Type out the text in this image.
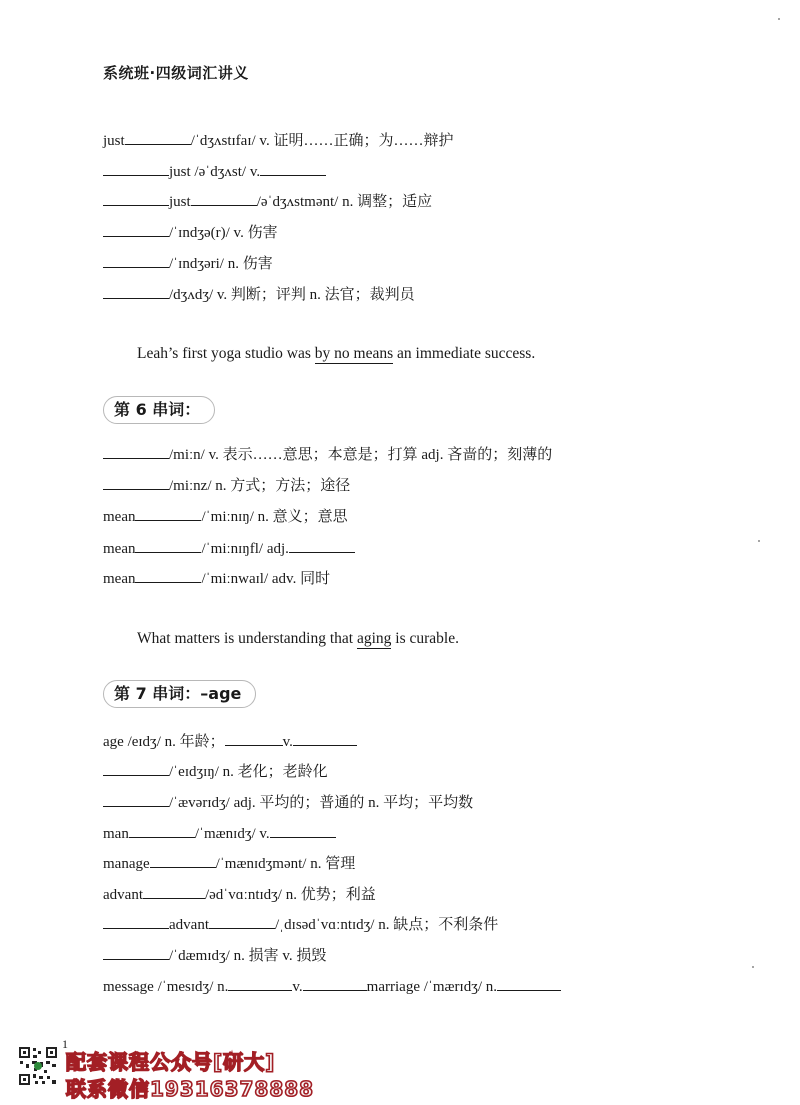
系统班·四级词汇讲义
just	/ˈdʒʌstɪfaɪ/ v. 证明……正确；为……辩护
just /əˈdʒʌst/ v.
just	/əˈdʒʌstmənt/ n. 调整；适应
/ˈɪndʒə(r)/ v. 伤害
/ˈɪndʒəri/ n. 伤害
/dʒʌdʒ/ v. 判断；评判 n. 法官；裁判员
Leah’s first yoga studio was by no means an immediate success.
第 6 串词：
/miːn/ v. 表示……意思；本意是；打算 adj. 吝啬的；刻薄的
/miːnz/ n. 方式；方法；途径
mean	/ˈmiːnɪŋ/ n. 意义；意思
mean	/ˈmiːnɪŋfl/ adj.
mean	/ˈmiːnwaɪl/ adv. 同时
What matters is understanding that aging is curable.
第 7 串词：–age
age /eɪdʒ/ n. 年龄；	v.
/ˈeɪdʒɪŋ/ n. 老化；老龄化
/ˈævərɪdʒ/ adj. 平均的；普通的 n. 平均；平均数
man	/ˈmænɪdʒ/ v.
manage	/ˈmænɪdʒmənt/ n. 管理
advant	/ədˈvɑːntɪdʒ/ n. 优势；利益
advant	/ˌdɪsədˈvɑːntɪdʒ/ n. 缺点；不利条件
/ˈdæmɪdʒ/ n. 损害 v. 损毁
message /ˈmesɪdʒ/ n.	v.	marriage /ˈmærɪdʒ/ n.
1
配套课程公众号[研大]
联系微信19316378888
